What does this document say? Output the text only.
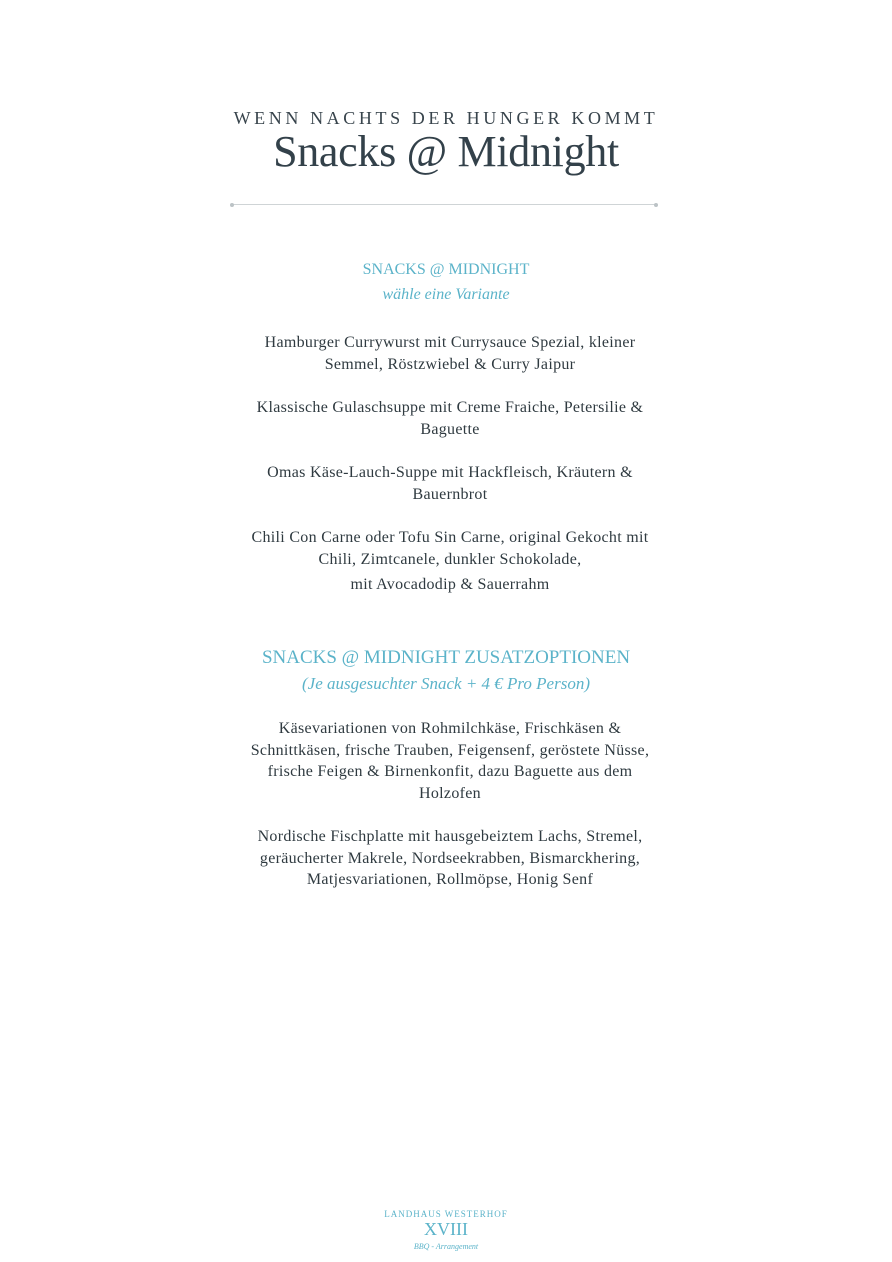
WENN NACHTS DER HUNGER KOMMT
Snacks @ Midnight
SNACKS @ MIDNIGHT
wähle eine Variante
Hamburger Currywurst mit Currysauce Spezial, kleiner Semmel, Röstzwiebel & Curry Jaipur
Klassische Gulaschsuppe mit Creme Fraiche, Petersilie & Baguette
Omas Käse-Lauch-Suppe mit Hackfleisch, Kräutern & Bauernbrot
Chili Con Carne oder Tofu Sin Carne, original Gekocht mit Chili, Zimtcanele, dunkler Schokolade,
mit Avocadodip & Sauerrahm
SNACKS @ MIDNIGHT ZUSATZOPTIONEN
(Je ausgesuchter Snack + 4 € Pro Person)
Käsevariationen von Rohmilchkäse, Frischkäsen & Schnittkäsen, frische Trauben, Feigensenf, geröstete Nüsse, frische Feigen & Birnenkonfit, dazu Baguette aus dem Holzofen
Nordische Fischplatte mit hausgebeiztem Lachs, Stremel, geräucherter Makrele, Nordseekrabben, Bismarckhering, Matjesvariationen, Rollmöpse, Honig Senf
LANDHAUS WESTERHOF
XVIII
BBQ - Arrangement
